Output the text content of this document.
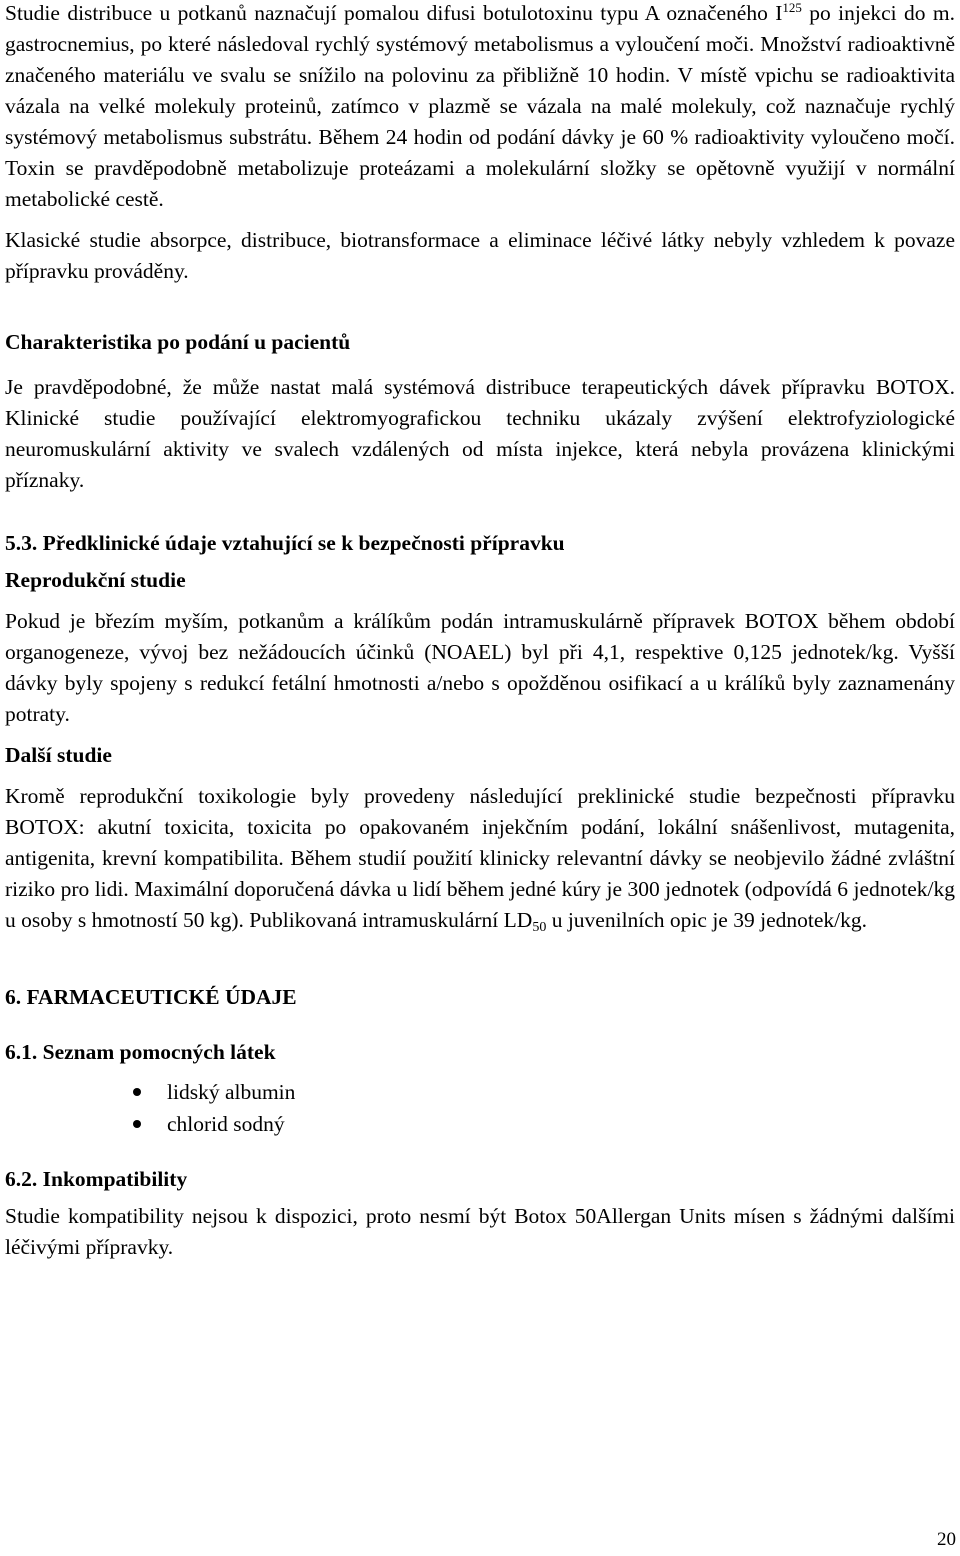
Studie distribuce u potkanů naznačují pomalou difusi botulotoxinu typu A označeného $I^{125}$ po injekci do m. gastrocnemius, po které následoval rychlý systémový metabolismus a vyloučení moči. Množství radioaktivně značeného materiálu ve svalu se snížilo na polovinu za přibližně 10 hodin. V místě vpichu se radioaktivita vázala na velké molekuly proteinů, zatímco v plazmě se vázala na malé molekuly, což naznačuje rychlý systémový metabolismus substrátu. Během 24 hodin od podání dávky je 60 % radioaktivity vyloučeno močí. Toxin se pravděpodobně metabolizuje proteázami a molekulární složky se opětovně využijí v normální metabolické cestě.

Klasické studie absorpce, distribuce, biotransformace a eliminace léčivé látky nebyly vzhledem k povaze přípravku prováděny.

Charakteristika po podání u pacientů

Je pravděpodobné, že může nastat malá systémová distribuce terapeutických dávek přípravku BOTOX. Klinické studie používající elektromyografickou techniku ukázaly zvýšení elektrofyziologické neuromuskulární aktivity ve svalech vzdálených od místa injekce, která nebyla provázena klinickými příznaky.

5.3. Předklinické údaje vztahující se k bezpečnosti přípravku
Reprodukční studie

Pokud je březím myším, potkanům a králíkům podán intramuskulárně přípravek BOTOX během období organogeneze, vývoj bez nežádoucích účinků (NOAEL) byl při 4,1, respektive 0,125 jednotek/kg. Vyšší dávky byly spojeny s redukcí fetální hmotnosti a/nebo s opožděnou osifikací a u králíků byly zaznamenány potraty.

Další studie

Kromě reprodukční toxikologie byly provedeny následující preklinické studie bezpečnosti přípravku BOTOX: akutní toxicita, toxicita po opakovaném injekčním podání, lokální snášenlivost, mutagenita, antigenita, krevní kompatibilita. Během studií použití klinicky relevantní dávky se neobjevilo žádné zvláštní riziko pro lidi. Maximální doporučená dávka u lidí během jedné kúry je 300 jednotek (odpovídá 6 jednotek/kg u osoby s hmotností 50 kg). Publikovaná intramuskulární $LD_{50}$ u juvenilních opic je 39 jednotek/kg.

6. FARMACEUTICKÉ ÚDAJE
6.1. Seznam pomocných látek
lidský albumin
chlorid sodný
6.2. Inkompatibility

Studie kompatibility nejsou k dispozici, proto nesmí být Botox 50Allergan Units mísen s žádnými dalšími léčivými přípravky.

20
